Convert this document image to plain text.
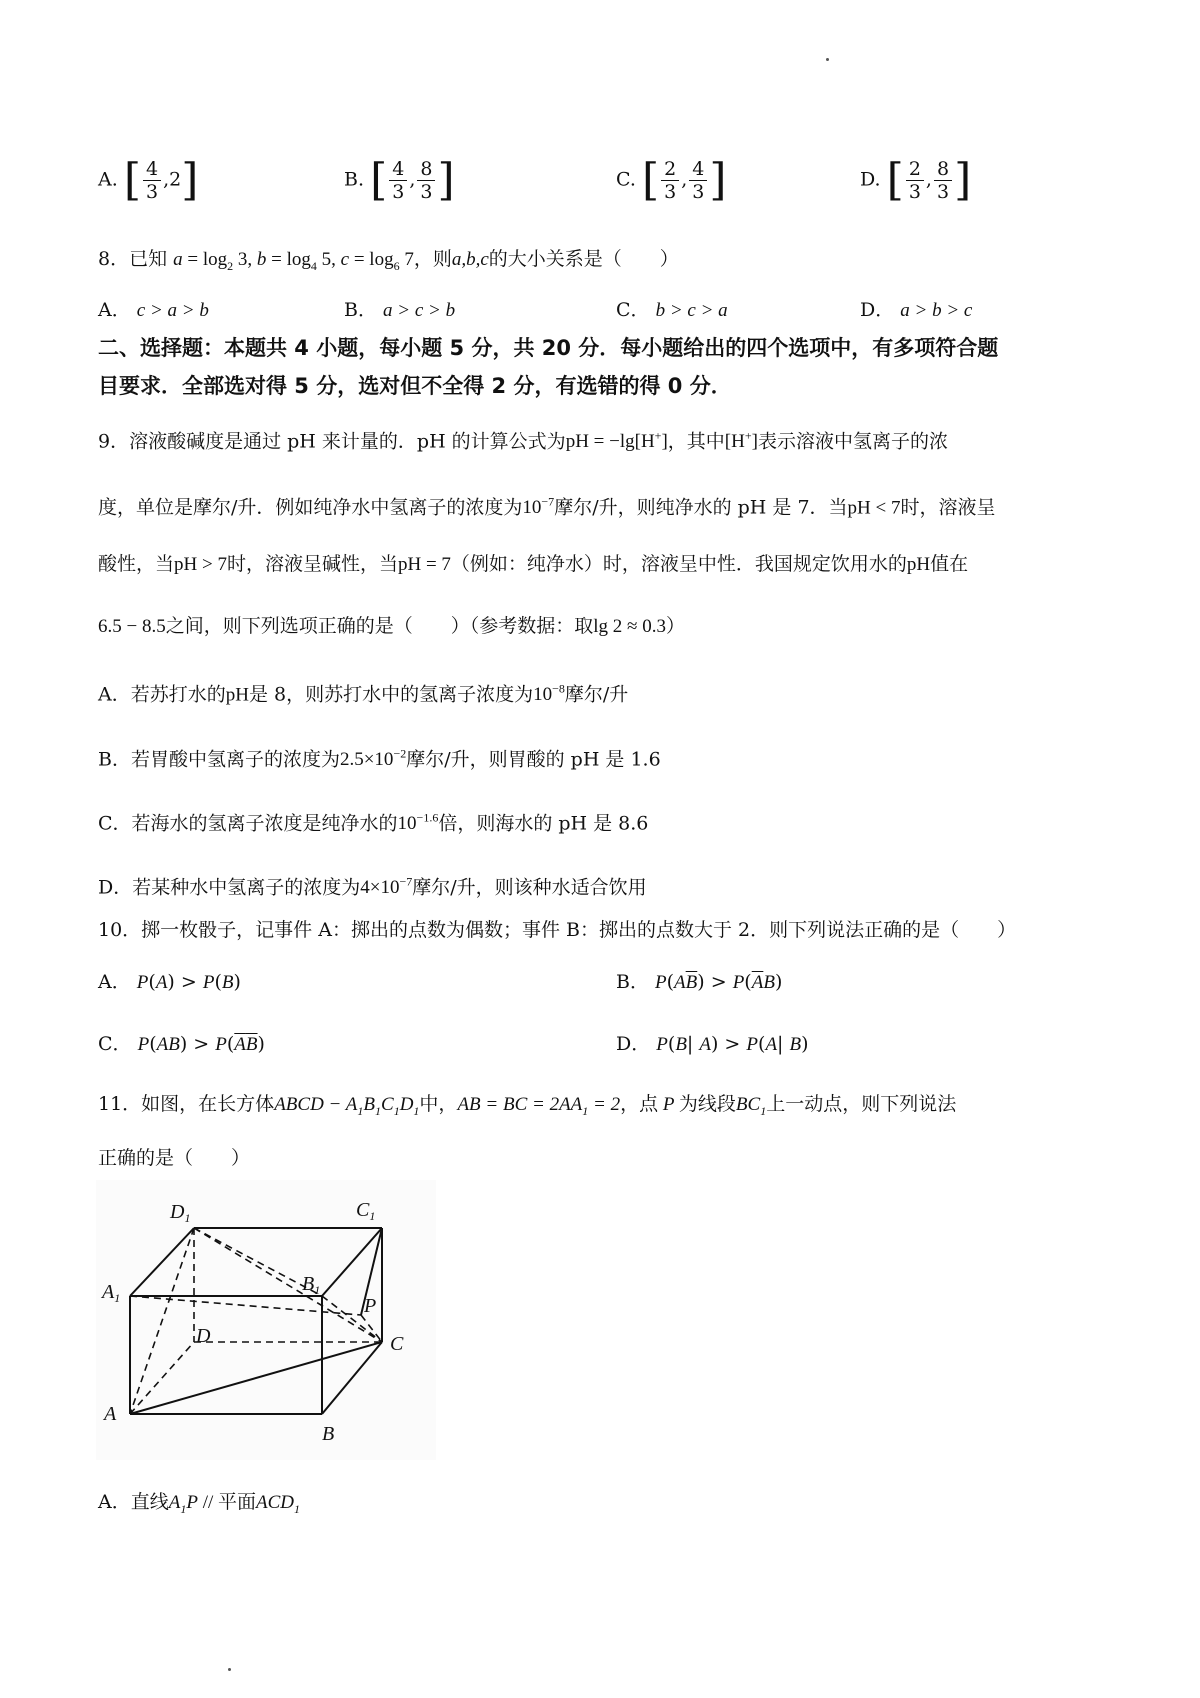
A. [ $\frac{4}{3} ,2$]	B. [ $\frac{4}{3}$ , $\frac{8}{3}$ ]	C. [ $\frac{2}{3}$ , $\frac{4}{3}$ ]	D. [ $\frac{2}{3}$ , $\frac{8}{3}$ ]
8．已知 $a = \log_2 3$, $b = \log_4 5$, $c = \log_6 7$，则a,b,c的大小关系是（　　）
A． c > a > b	B． a > c > b	C． b > c > a	D． a > b > c
二、选择题：本题共 4 小题，每小题 5 分，共 20 分．每小题给出的四个选项中，有多项符合题
目要求．全部选对得 5 分，选对但不全得 2 分，有选错的得 0 分．
9．溶液酸碱度是通过 pH 来计量的．pH 的计算公式为pH = −lg[H+]，其中[H+]表示溶液中氢离子的浓
度，单位是摩尔/升．例如纯净水中氢离子的浓度为$10^{-7}$摩尔/升，则纯净水的 pH 是 7．当pH < 7时，溶液呈
酸性，当pH > 7时，溶液呈碱性，当pH = 7（例如：纯净水）时，溶液呈中性．我国规定饮用水的pH值在
6.5 − 8.5之间，则下列选项正确的是（　　）（参考数据：取lg 2 ≈ 0.3）
A．若苏打水的pH是 8，则苏打水中的氢离子浓度为$10^{-8}$摩尔/升
B．若胃酸中氢离子的浓度为$2.5\times 10^{-2}$摩尔/升，则胃酸的 pH 是 1.6
C．若海水的氢离子浓度是纯净水的$10^{-1.6}$倍，则海水的 pH 是 8.6
D．若某种水中氢离子的浓度为$4\times 10^{-7}$摩尔/升，则该种水适合饮用
10．掷一枚骰子，记事件 A：掷出的点数为偶数；事件 B：掷出的点数大于 2．则下列说法正确的是（　　）
A． P(A) > P(B)	B． $P(A\overline{B}) > P(\overline{A}B)$
C． $P(AB) > P(\overline{A}\overline{B})$	D． P(B| A) > P(A| B)
11．如图，在长方体ABCD − $A_1B_1C_1D_1$中，AB = BC = $2AA_1 = 2$，点 P 为线段$BC_1$上一动点，则下列说法
正确的是（　　）
$D_1$	$C_1$
$A_1$
$B_1$
P
D	C
A
B
A．直线$A_1P$ // 平面$ACD_1$
